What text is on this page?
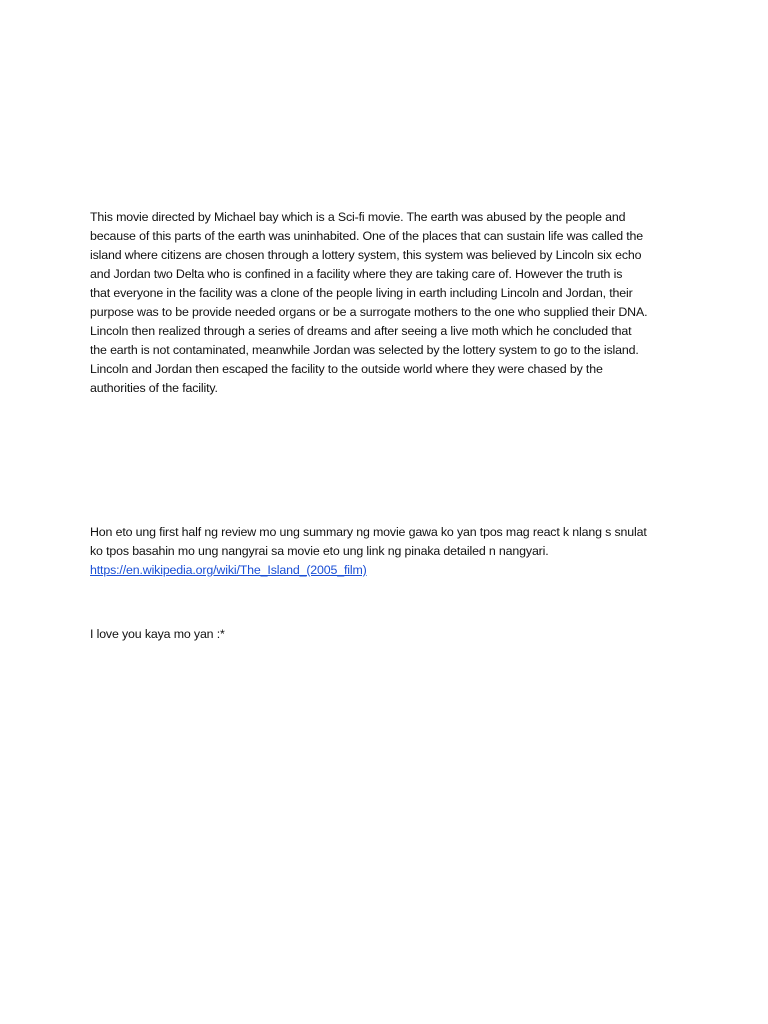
This movie directed by Michael bay which is a Sci-fi movie. The earth was abused by the people and
because of this parts of the earth was uninhabited. One of the places that can sustain life was called the
island where citizens are chosen through a lottery system, this system was believed by Lincoln six echo
and Jordan two Delta who is confined in a facility where they are taking care of. However the truth is
that everyone in the facility was a clone of the people living in earth including Lincoln and Jordan, their
purpose was to be provide needed organs or be a surrogate mothers to the one who supplied their DNA.
Lincoln then realized through a series of dreams and after seeing a live moth which he concluded that
the earth is not contaminated, meanwhile Jordan was selected by the lottery system to go to the island.
Lincoln and Jordan then escaped the facility to the outside world where they were chased by the
authorities of the facility.

Hon eto ung first half ng review mo ung summary ng movie gawa ko yan tpos mag react k nlang s snulat
ko tpos basahin mo ung nangyrai sa movie eto ung link ng pinaka detailed n nangyari.
https://en.wikipedia.org/wiki/The_Island_(2005_film)

I love you kaya mo yan :*
